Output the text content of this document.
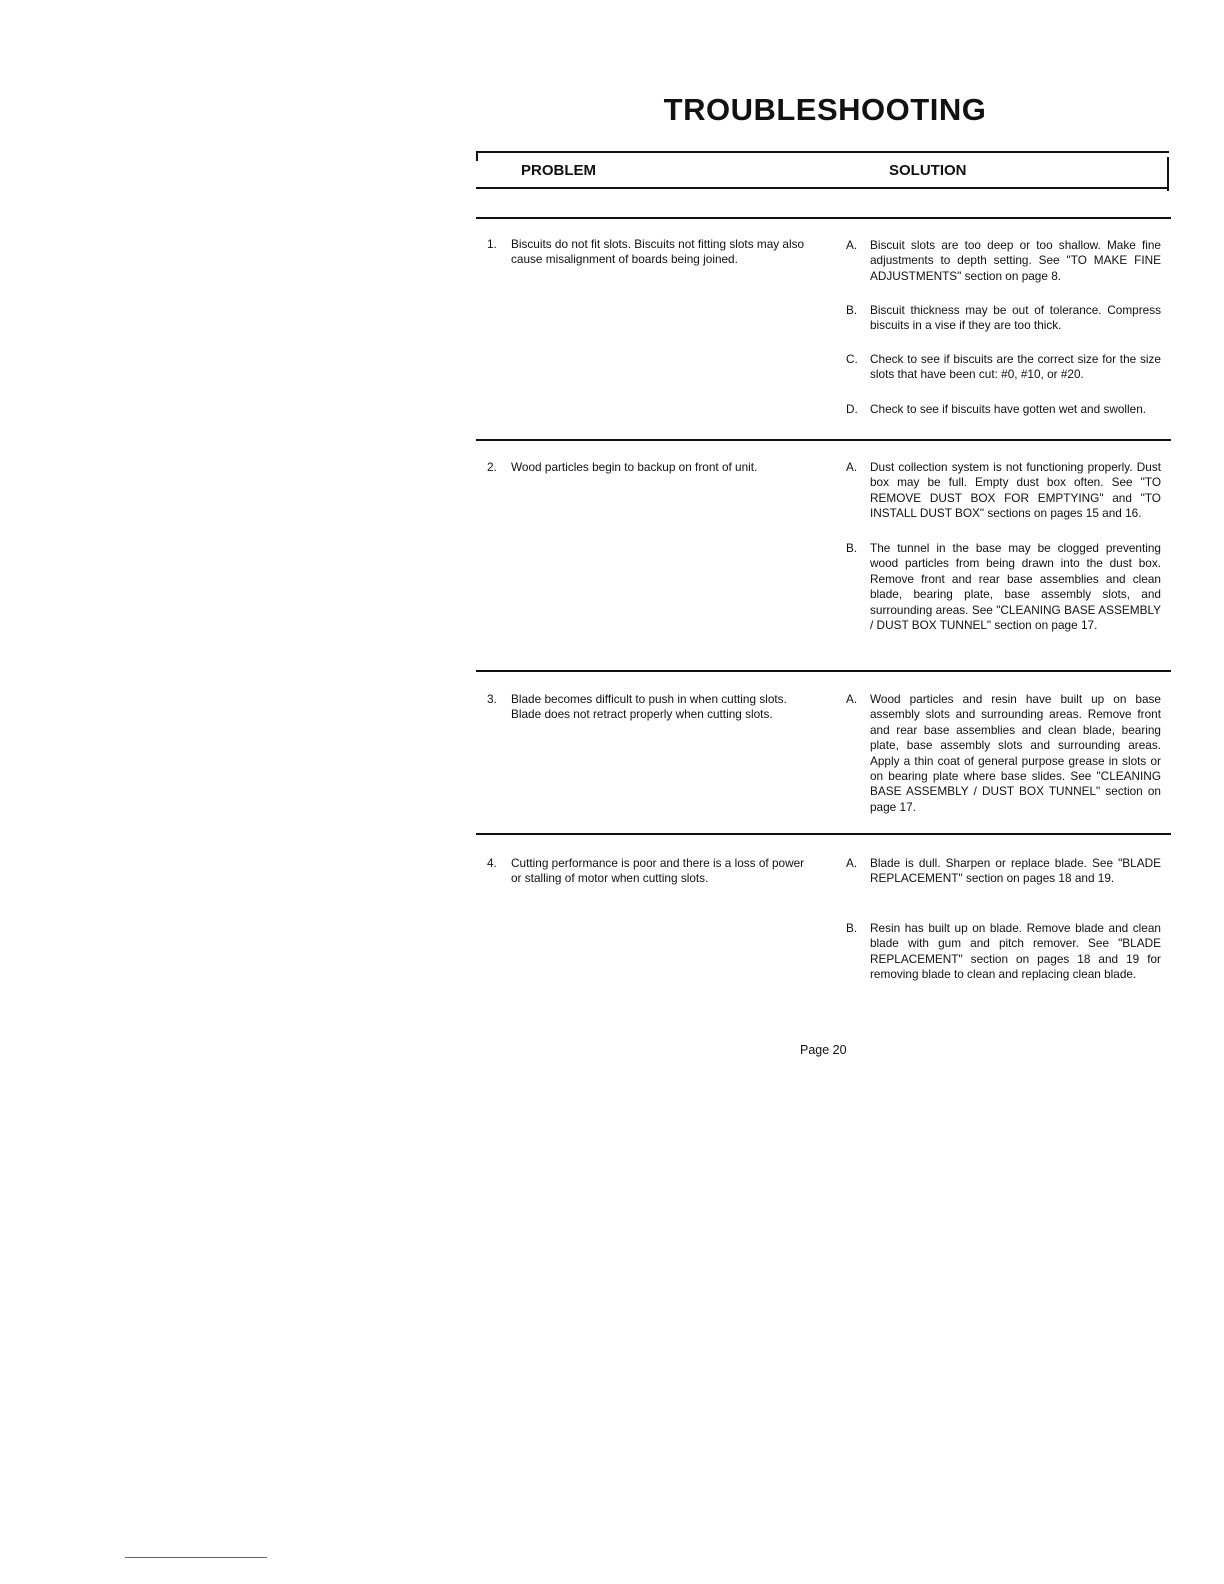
TROUBLESHOOTING
PROBLEM	SOLUTION
1. Biscuits do not fit slots. Biscuits not fitting slots may also cause misalignment of boards being joined.
A. Biscuit slots are too deep or too shallow. Make fine adjustments to depth setting. See "TO MAKE FINE ADJUSTMENTS" section on page 8.
B. Biscuit thickness may be out of tolerance. Compress biscuits in a vise if they are too thick.
C. Check to see if biscuits are the correct size for the size slots that have been cut: #0, #10, or #20.
D. Check to see if biscuits have gotten wet and swollen.
2. Wood particles begin to backup on front of unit.	A. Dust collection system is not functioning properly. Dust box may be full. Empty dust box often. See "TO REMOVE DUST BOX FOR EMPTYING" and "TO INSTALL DUST BOX" sections on pages 15 and 16.
B. The tunnel in the base may be clogged preventing wood particles from being drawn into the dust box. Remove front and rear base assemblies and clean blade, bearing plate, base assembly slots, and surrounding areas. See "CLEANING BASE ASSEMBLY / DUST BOX TUNNEL" section on page 17.
3. Blade becomes difficult to push in when cutting slots. Blade does not retract properly when cutting slots.
A. Wood particles and resin have built up on base assembly slots and surrounding areas. Remove front and rear base assemblies and clean blade, bearing plate, base assembly slots and surrounding areas. Apply a thin coat of general purpose grease in slots or on bearing plate where base slides. See "CLEANING BASE ASSEMBLY / DUST BOX TUNNEL" section on page 17.
4. Cutting performance is poor and there is a loss of power or stalling of motor when cutting slots.
A. Blade is dull. Sharpen or replace blade. See "BLADE REPLACEMENT" section on pages 18 and 19.
B. Resin has built up on blade. Remove blade and clean blade with gum and pitch remover. See "BLADE REPLACEMENT" section on pages 18 and 19 for removing blade to clean and replacing clean blade.
Page 20
